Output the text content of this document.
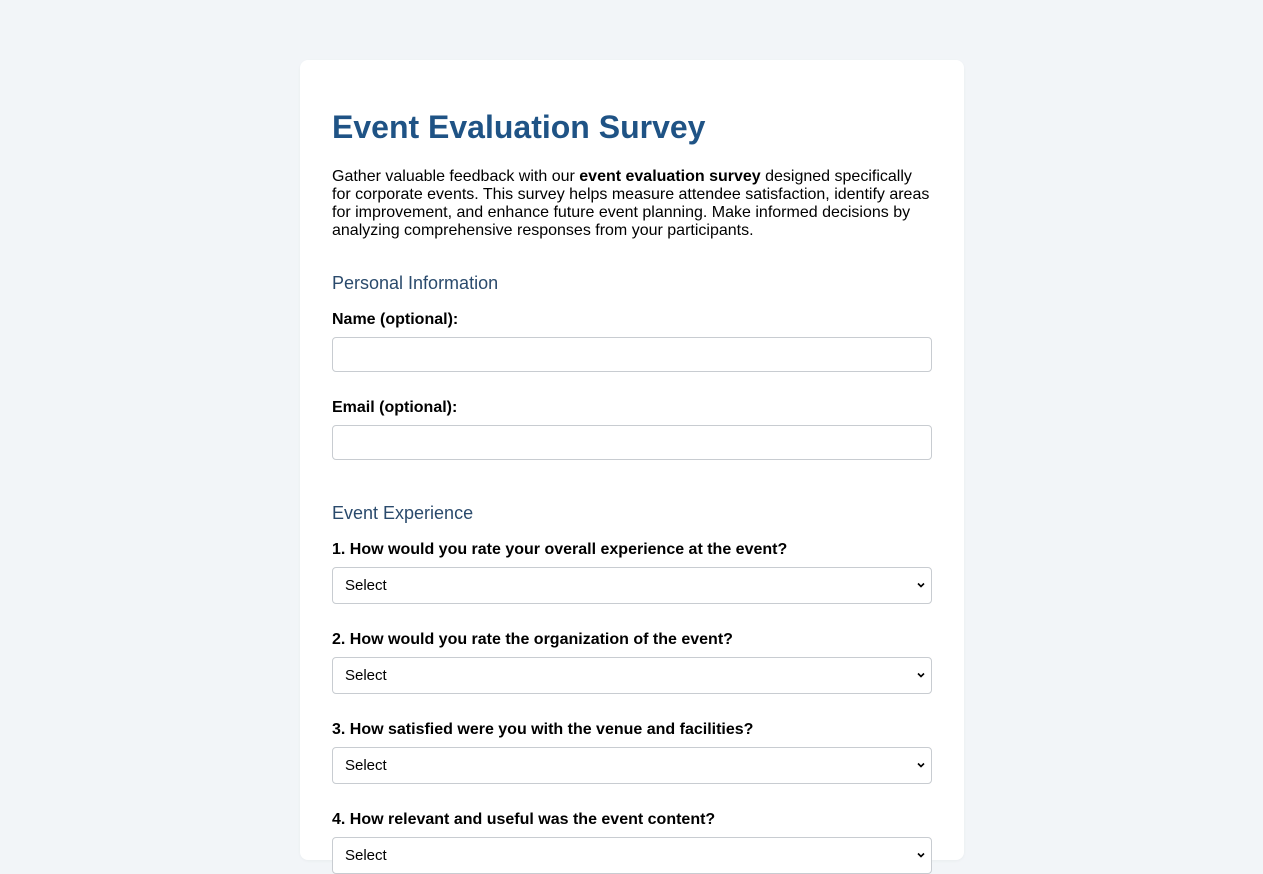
Event Evaluation Survey

Gather valuable feedback with our event evaluation survey designed specifically for corporate events. This survey helps measure attendee satisfaction, identify areas for improvement, and enhance future event planning. Make informed decisions by analyzing comprehensive responses from your participants.

Personal Information
Name (optional):
Email (optional):
Event Experience
1. How would you rate your overall experience at the event?
Select
2. How would you rate the organization of the event?
Select
3. How satisfied were you with the venue and facilities?
Select
4. How relevant and useful was the event content?
Select
